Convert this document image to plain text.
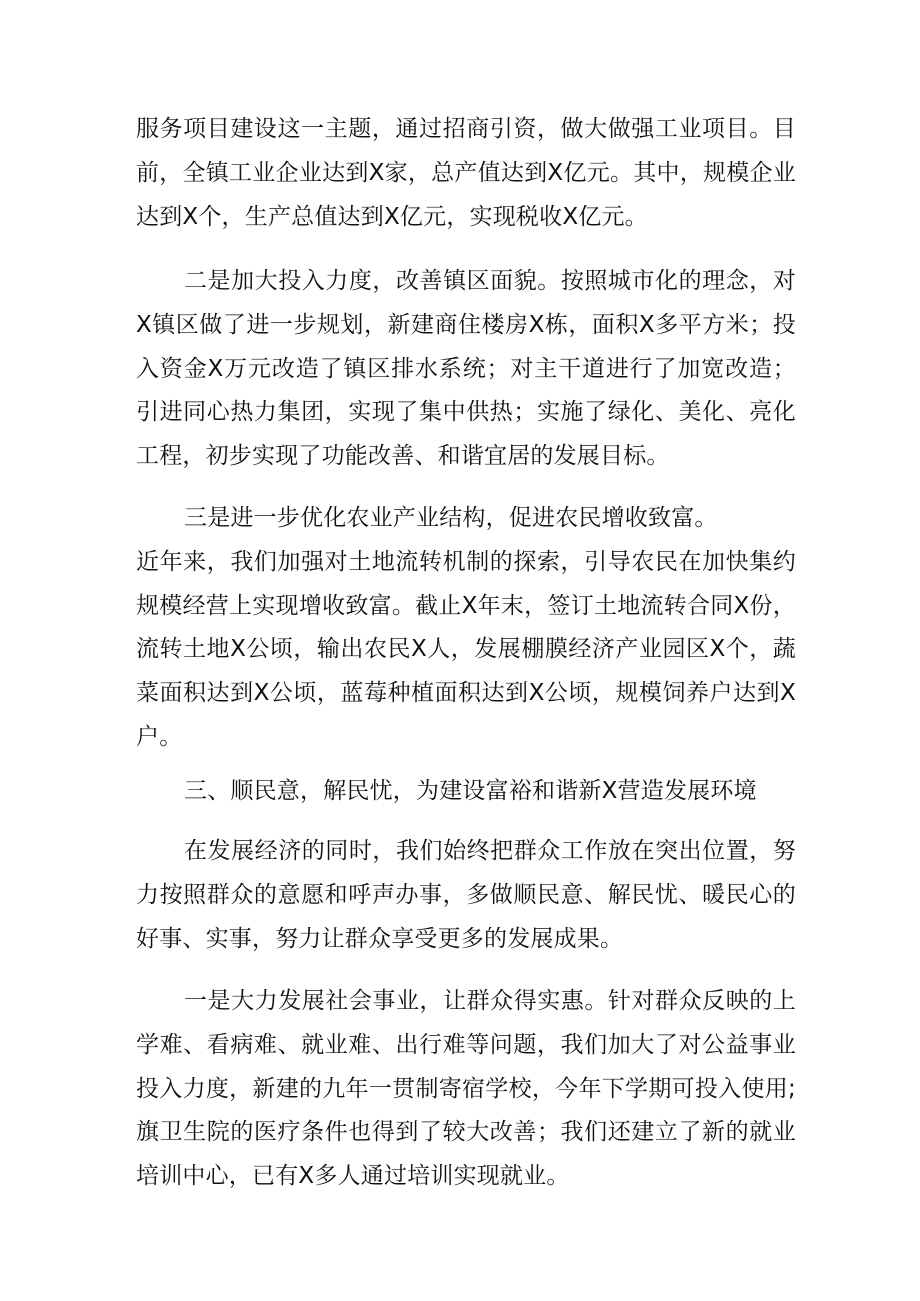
服务项目建设这一主题，通过招商引资，做大做强工业项目。目前，全镇工业企业达到X家，总产值达到X亿元。其中，规模企业达到X个，生产总值达到X亿元，实现税收X亿元。

二是加大投入力度，改善镇区面貌。按照城市化的理念，对X镇区做了进一步规划，新建商住楼房X栋，面积X多平方米；投入资金X万元改造了镇区排水系统；对主干道进行了加宽改造；引进同心热力集团，实现了集中供热；实施了绿化、美化、亮化工程，初步实现了功能改善、和谐宜居的发展目标。

三是进一步优化农业产业结构，促进农民增收致富。
近年来，我们加强对土地流转机制的探索，引导农民在加快集约规模经营上实现增收致富。截止X年末，签订土地流转合同X份，流转土地X公顷，输出农民X人，发展棚膜经济产业园区X个，蔬菜面积达到X公顷，蓝莓种植面积达到X公顷，规模饲养户达到X户。

三、顺民意，解民忧，为建设富裕和谐新X营造发展环境

在发展经济的同时，我们始终把群众工作放在突出位置，努力按照群众的意愿和呼声办事，多做顺民意、解民忧、暖民心的好事、实事，努力让群众享受更多的发展成果。

一是大力发展社会事业，让群众得实惠。针对群众反映的上学难、看病难、就业难、出行难等问题，我们加大了对公益事业投入力度，新建的九年一贯制寄宿学校，今年下学期可投入使用;旗卫生院的医疗条件也得到了较大改善；我们还建立了新的就业培训中心，已有X多人通过培训实现就业。
